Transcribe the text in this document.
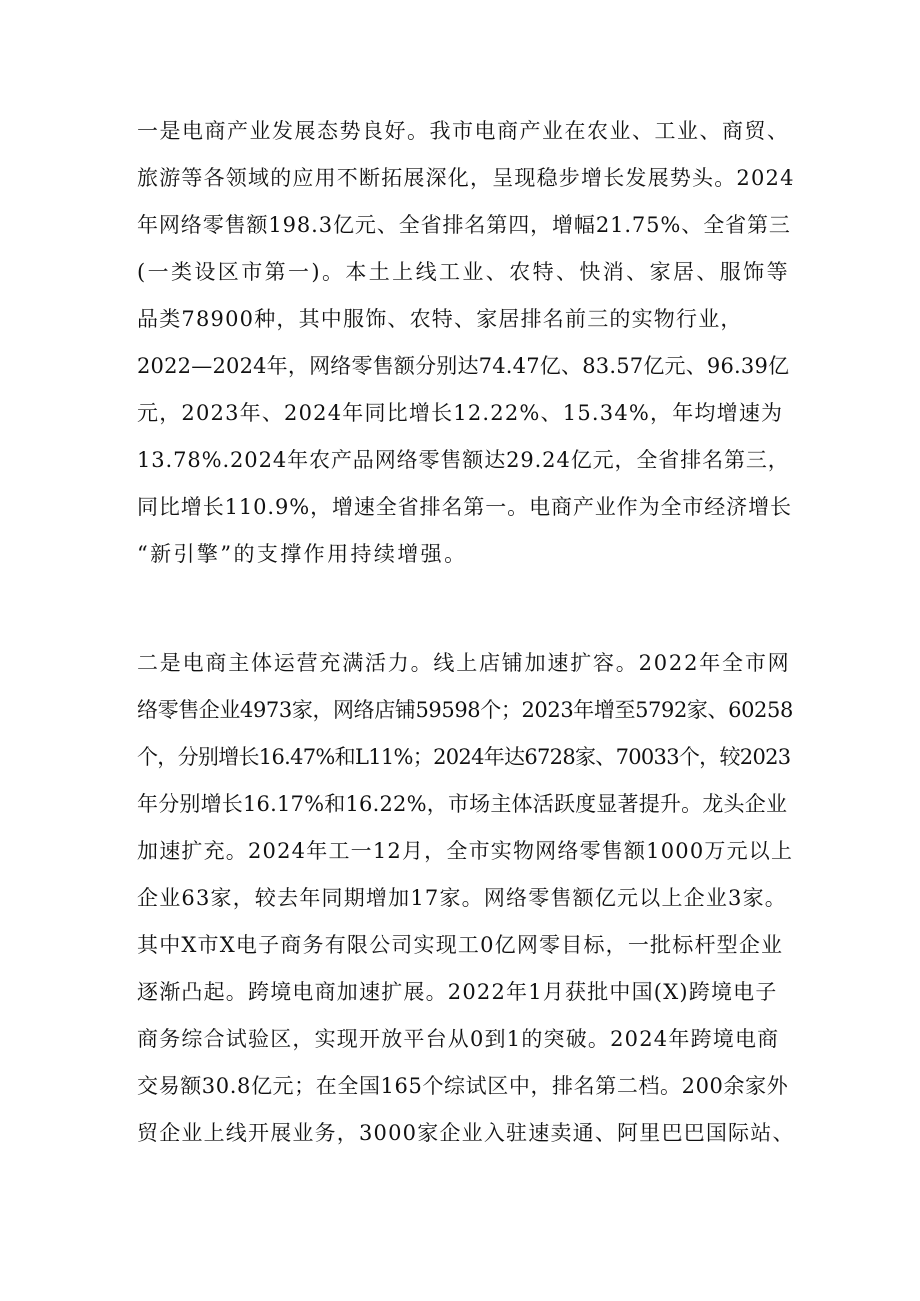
一是电商产业发展态势良好。我市电商产业在农业、工业、商贸、
旅游等各领域的应用不断拓展深化，呈现稳步增长发展势头。2024
年网络零售额198.3亿元、全省排名第四，增幅21.75%、全省第三
(一类设区市第一)。本土上线工业、农特、快消、家居、服饰等
品类78900种，其中服饰、农特、家居排名前三的实物行业，
2022—2024年，网络零售额分别达74.47亿、83.57亿元、96.39亿
元，2023年、2024年同比增长12.22%、15.34%，年均增速为
13.78%.2024年农产品网络零售额达29.24亿元，全省排名第三，
同比增长110.9%，增速全省排名第一。电商产业作为全市经济增长
“新引擎”的支撑作用持续增强。
二是电商主体运营充满活力。线上店铺加速扩容。2022年全市网
络零售企业4973家，网络店铺59598个；2023年增至5792家、60258
个，分别增长16.47%和L11%；2024年达6728家、70033个，较2023
年分别增长16.17%和16.22%，市场主体活跃度显著提升。龙头企业
加速扩充。2024年工一12月，全市实物网络零售额1000万元以上
企业63家，较去年同期增加17家。网络零售额亿元以上企业3家。
其中X市X电子商务有限公司实现工0亿网零目标，一批标杆型企业
逐渐凸起。跨境电商加速扩展。2022年1月获批中国(X)跨境电子
商务综合试验区，实现开放平台从0到1的突破。2024年跨境电商
交易额30.8亿元；在全国165个综试区中，排名第二档。200余家外
贸企业上线开展业务，3000家企业入驻速卖通、阿里巴巴国际站、
